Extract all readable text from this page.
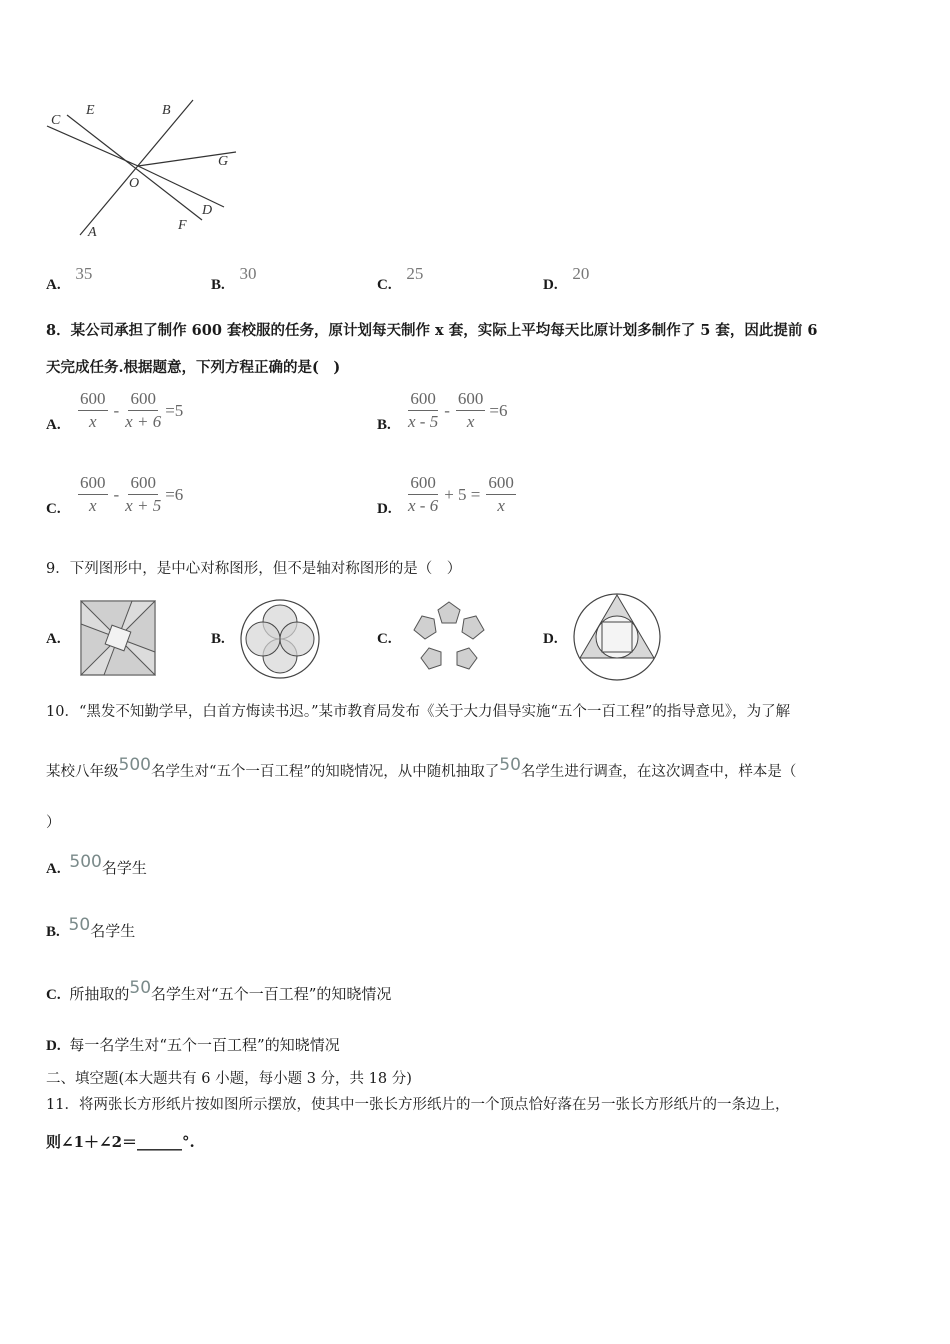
C
E	B
G
O
D
F
A
A. 35
B. 30
C. 25
D. 20
8．某公司承担了制作 600 套校服的任务，原计划每天制作 x 套，实际上平均每天比原计划多制作了 5 套，因此提前 6
天完成任务.根据题意，下列方程正确的是(　)
A. $\frac{600}{x} - \frac{600}{x + 6} =5$
B. $\frac{600}{x - 5} - \frac{600}{x} =6$
C. $\frac{600}{x} - \frac{600}{x + 5} =6$
D. $\frac{600}{x - 6} + 5 = \frac{600}{x}$
9．下列图形中，是中心对称图形，但不是轴对称图形的是（　）
A.	B.	C.	D.
10．“黑发不知勤学早，白首方悔读书迟。”某市教育局发布《关于大力倡导实施“五个一百工程”的指导意见》，为了解
某校八年级500名学生对“五个一百工程”的知晓情况，从中随机抽取了50名学生进行调查，在这次调查中，样本是（
）
A. 500名学生
B. 50名学生
C. 所抽取的50名学生对“五个一百工程”的知晓情况
D. 每一名学生对“五个一百工程”的知晓情况
二、填空题(本大题共有 6 小题，每小题 3 分，共 18 分)
11．将两张长方形纸片按如图所示摆放，使其中一张长方形纸片的一个顶点恰好落在另一张长方形纸片的一条边上，
则∠1＋∠2＝______°.
